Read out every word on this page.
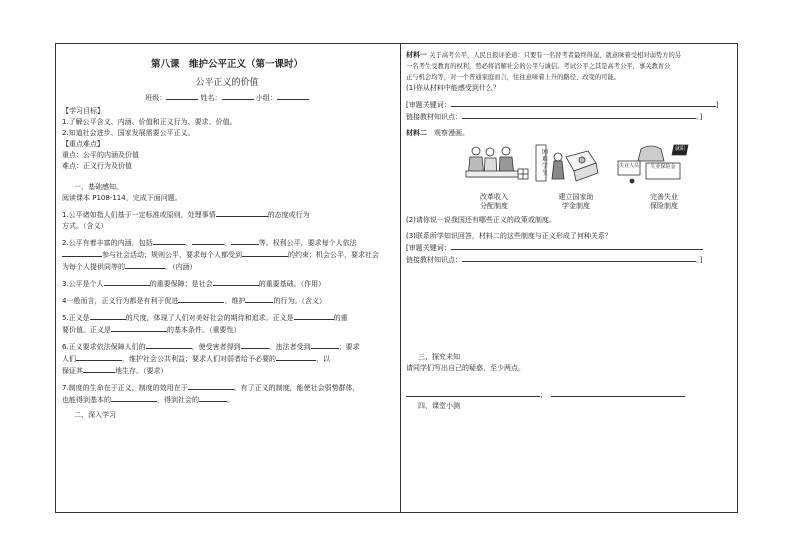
第八课　维护公平正义（第一课时）
公平正义的价值
班级：	姓名：	小组：
【学习目标】
1.了解公平含义、内涵、价值和正义行为、要求、价值。
2.知道社会进步、国家发展需要公平正义。
【重点难点】
重点：公平的内涵及价值
难点：正义行为及价值
一、基础感知。
阅读课本 P108-114，完成下面问题。
1.公平诸如指人们基于一定标准或原则，处理事情	的态度或行为
方式。（含义）
2.公平有着丰富的内涵，包括	、	、	等。权利公平，要求每个人依法
参与社会活动；规则公平，要求每个人都受到	的约束；机会公平，要求社会
为每个人提供同等的	。（内涵）
3.公平是个人	的重要保障；是社会	的重要基础。（作用）
4一般而言，正义行为都是有利于促进	、维护	的行为。（含义）
5.正义是	的尺度，体现了人们对美好社会的期待和追求。正义是	的重
要价值。正义是	的基本条件。（重要性）
6.正义要求依法保障人们的	，使受害者得到	、违法者受到	；要求
人们	，维护社会公共利益；要求人们对弱者给予必要的	，以
保证其	地生存。（要求）
7.制度的生命在于正义，制度的效用在于	。有了正义的制度，能使社会弱势群体，
也能得到基本的	，得到社会的	。
二、深入学习
材料一 关于高考公平，人民日报评论道：只要有一名替考者最终得逞，就意味着受相对弱势方的另
一名考生受教育的权利，势必将消解社会的公平与诚信。考试公平之其是高考公平，事关教育公
正与机会均等，对一个普通家庭而言，往往意味着上升的路径、改变的可能。
(1)你从材料中能感受到什么？
[审题关键词：	]
链接教材知识点：	。]
材料二　 观察漫画。
困难学生
就职
失业保险金
失业人员
改革收入
分配制度
建立国家助
学金制度
完善失业
保险制度
(2)请你说一说我国还有哪些正义的政策或制度。
(3)联系所学知识回答，材料二的这些制度与正义形成了何种关系？
[审题关键词：
链接教材知识点：	。]
三、探究未知
请同学们写出自己的疑惑，至少两点。
；　
四、课堂小测
